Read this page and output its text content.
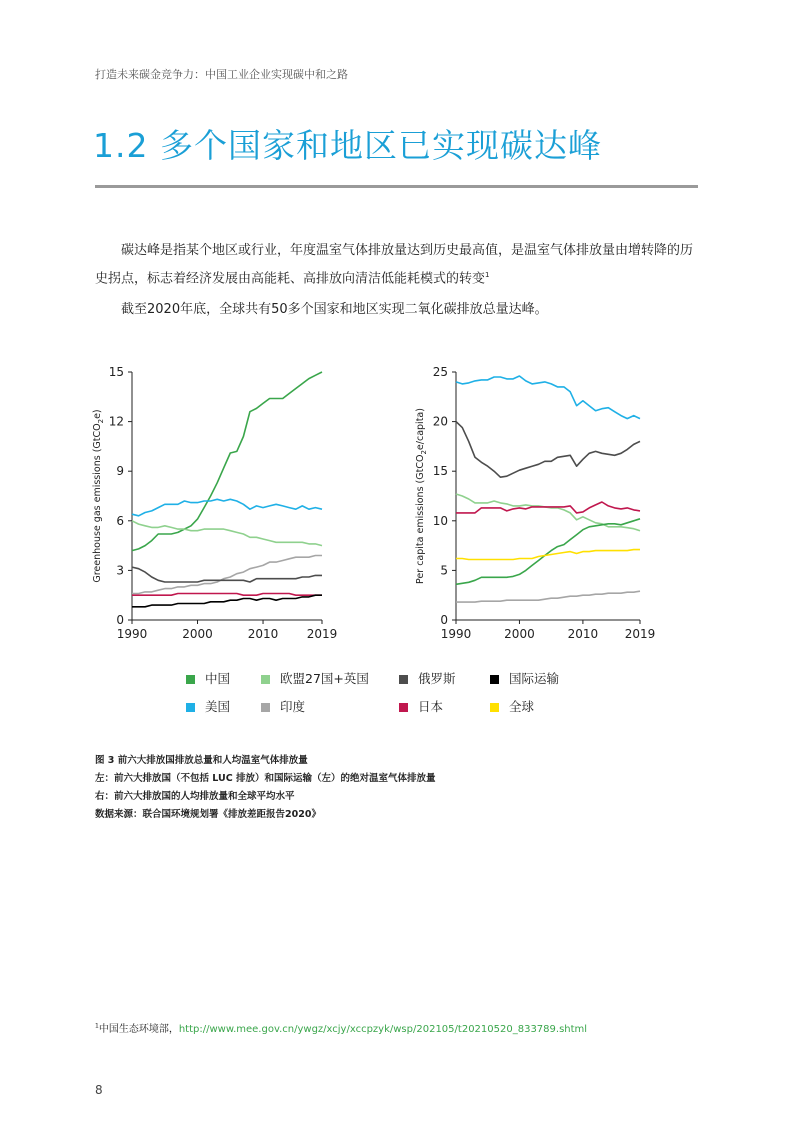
打造未来碳金竞争力：中国工业企业实现碳中和之路
1.2 多个国家和地区已实现碳达峰

碳达峰是指某个地区或行业，年度温室气体排放量达到历史最高值，是温室气体排放量由增转降的历史拐点，标志着经济发展由高能耗、高排放向清洁低能耗模式的转变$^1$

截至2020年底，全球共有50多个国家和地区实现二氧化碳排放总量达峰。

0
3
6
9
12
15
1990	2000	2010 2019
Greenhouse gas emissions (GtCO$_2$e)
0
5
10
15
20
25
1990	2000	2010 2019
Per capita emissions (GtCO$_2$e/capita)
中国	欧盟27国+英国	俄罗斯	国际运输
美国	印度	日本	全球
图 3 前六大排放国排放总量和人均温室气体排放量
左：前六大排放国（不包括 LUC 排放）和国际运输（左）的绝对温室气体排放量
右：前六大排放国的人均排放量和全球平均水平
数据来源：联合国环境规划署《排放差距报告2020》
$^1$中国生态环境部，http://www.mee.gov.cn/ywgz/xcjy/xccpzyk/wsp/202105/t20210520_833789.shtml
8
